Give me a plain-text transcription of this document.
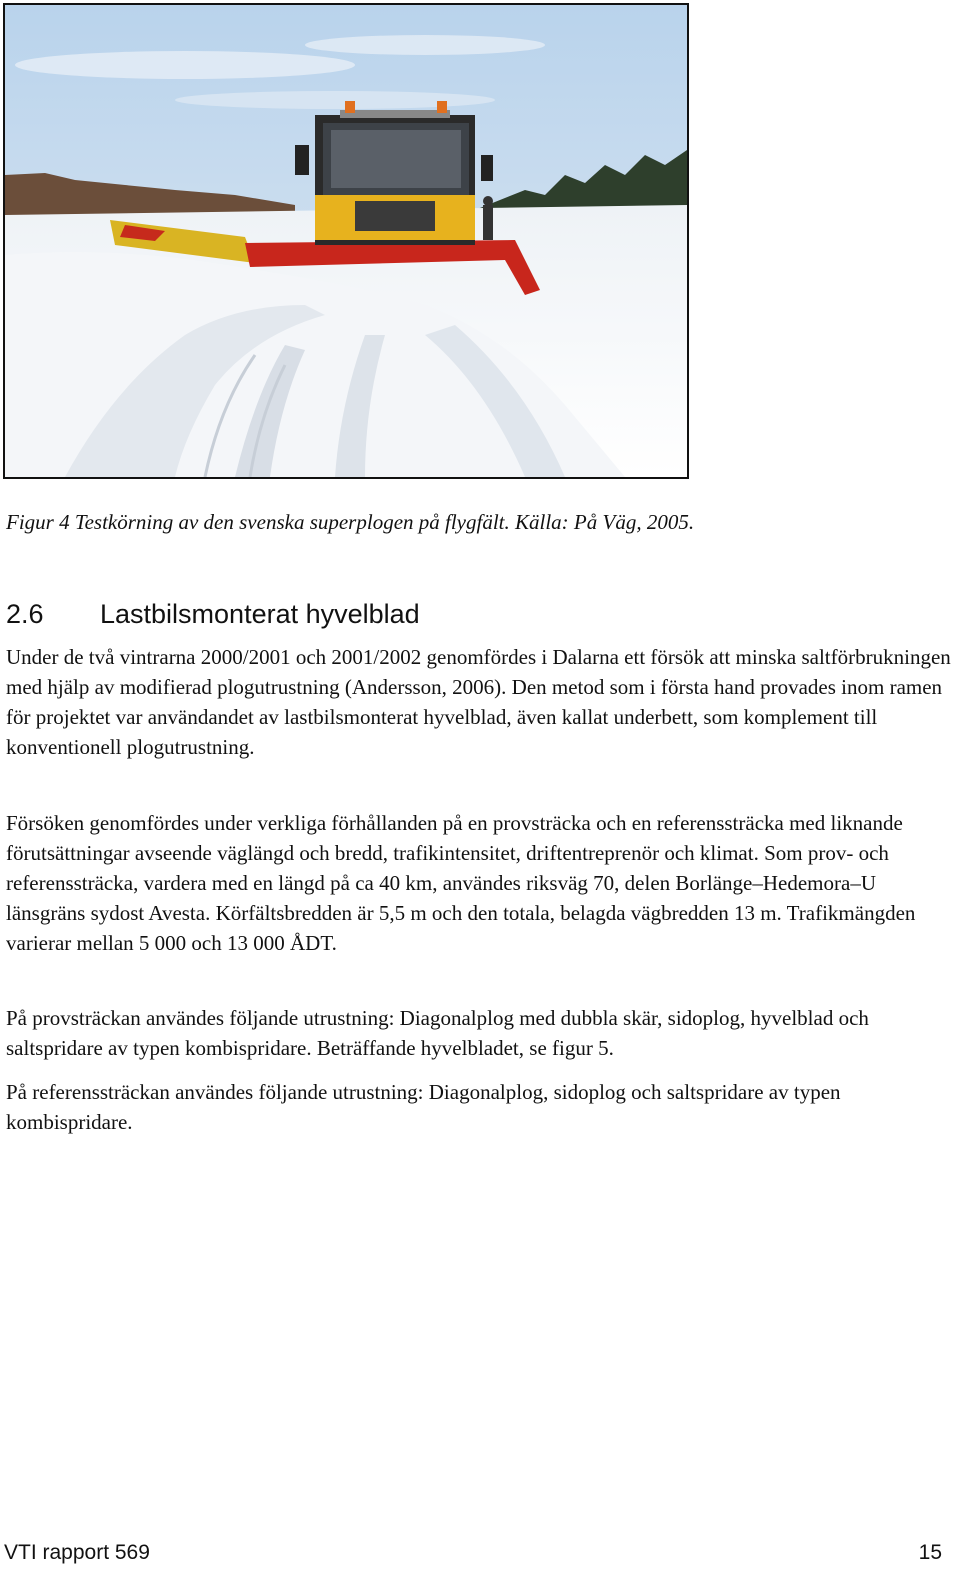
Figur 4 Testkörning av den svenska superplogen på flygfält. Källa: På Väg, 2005.
2.6 Lastbilsmonterat hyvelblad

Under de två vintrarna 2000/2001 och 2001/2002 genomfördes i Dalarna ett försök att minska saltförbrukningen med hjälp av modifierad plogutrustning (Andersson, 2006). Den metod som i första hand provades inom ramen för projektet var användandet av lastbilsmonterat hyvelblad, även kallat underbett, som komplement till konventionell plogutrustning.

Försöken genomfördes under verkliga förhållanden på en provsträcka och en referenssträcka med liknande förutsättningar avseende väglängd och bredd, trafikintensitet, driftentreprenör och klimat. Som prov- och referenssträcka, vardera med en längd på ca 40 km, användes riksväg 70, delen Borlänge–Hedemora–U länsgräns sydost Avesta. Körfältsbredden är 5,5 m och den totala, belagda vägbredden 13 m. Trafikmängden varierar mellan 5 000 och 13 000 ÅDT.

På provsträckan användes följande utrustning: Diagonalplog med dubbla skär, sidoplog, hyvelblad och saltspridare av typen kombispridare. Beträffande hyvelbladet, se figur 5.

På referenssträckan användes följande utrustning: Diagonalplog, sidoplog och saltspridare av typen kombispridare.

VTI rapport 569	15
